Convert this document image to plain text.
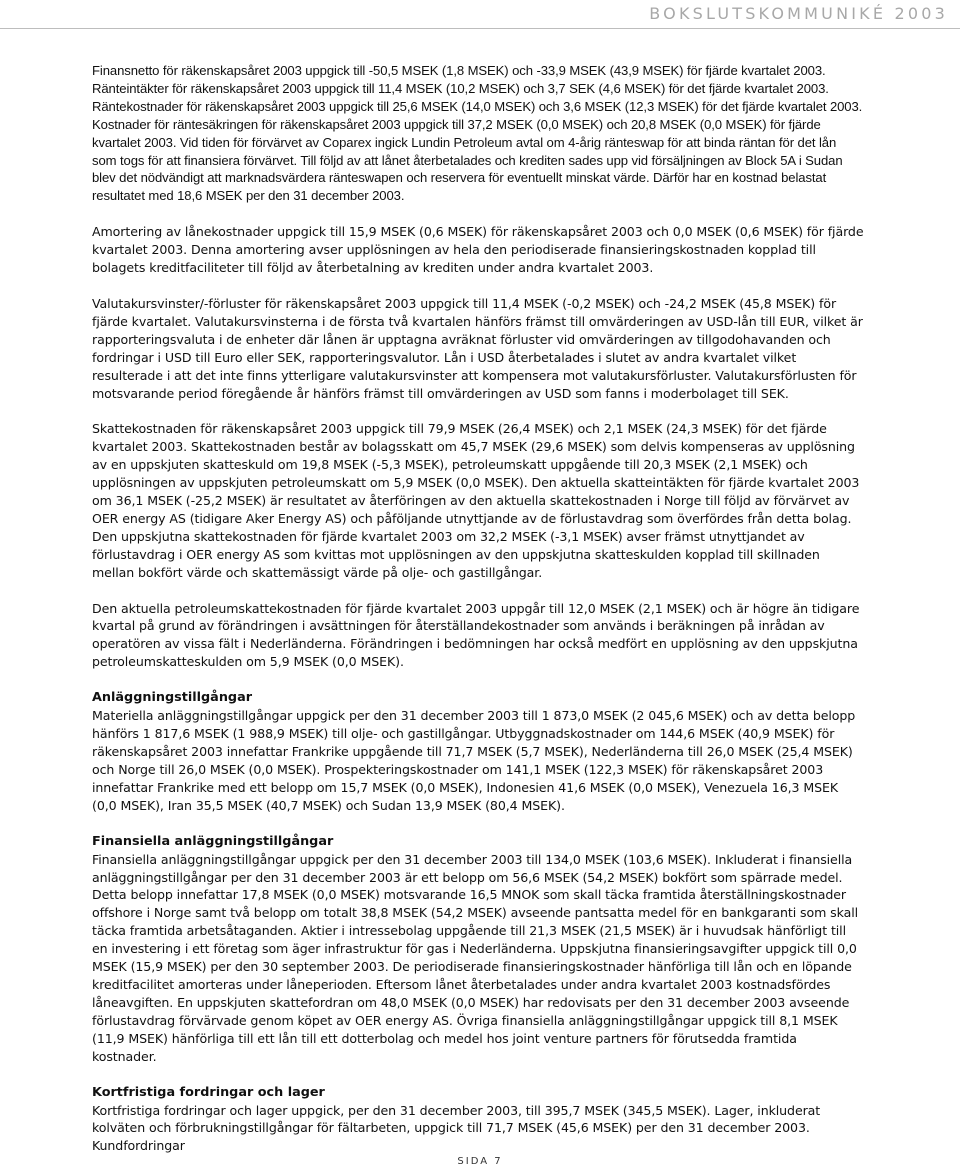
BOKSLUTSKOMMUNIKÉ 2003

Finansnetto för räkenskapsåret 2003 uppgick till -50,5 MSEK (1,8 MSEK) och -33,9 MSEK (43,9 MSEK) för fjärde kvartalet 2003. Ränteintäkter för räkenskapsåret 2003 uppgick till 11,4 MSEK (10,2 MSEK) och 3,7 SEK (4,6 MSEK) för det fjärde kvartalet 2003. Räntekostnader för räkenskapsåret 2003 uppgick till 25,6 MSEK (14,0 MSEK) och 3,6 MSEK (12,3 MSEK) för det fjärde kvartalet 2003. Kostnader för räntesäkringen för räkenskapsåret 2003 uppgick till 37,2 MSEK (0,0 MSEK) och 20,8 MSEK (0,0 MSEK) för fjärde kvartalet 2003. Vid tiden för förvärvet av Coparex ingick Lundin Petroleum avtal om 4-årig ränteswap för att binda räntan för det lån som togs för att finansiera förvärvet. Till följd av att lånet återbetalades och krediten sades upp vid försäljningen av Block 5A i Sudan blev det nödvändigt att marknadsvärdera ränteswapen och reservera för eventuellt minskat värde. Därför har en kostnad belastat resultatet med 18,6 MSEK per den 31 december 2003.

Amortering av lånekostnader uppgick till 15,9 MSEK (0,6 MSEK) för räkenskapsåret 2003 och 0,0 MSEK (0,6 MSEK) för fjärde kvartalet 2003. Denna amortering avser upplösningen av hela den periodiserade finansieringskostnaden kopplad till bolagets kreditfaciliteter till följd av återbetalning av krediten under andra kvartalet 2003.

Valutakursvinster/-förluster för räkenskapsåret 2003 uppgick till 11,4 MSEK (-0,2 MSEK) och -24,2 MSEK (45,8 MSEK) för fjärde kvartalet. Valutakursvinsterna i de första två kvartalen hänförs främst till omvärderingen av USD-lån till EUR, vilket är rapporteringsvaluta i de enheter där lånen är upptagna avräknat förluster vid omvärderingen av tillgodohavanden och fordringar i USD till Euro eller SEK, rapporteringsvalutor. Lån i USD återbetalades i slutet av andra kvartalet vilket resulterade i att det inte finns ytterligare valutakursvinster att kompensera mot valutakursförluster. Valutakursförlusten för motsvarande period föregående år hänförs främst till omvärderingen av USD som fanns i moderbolaget till SEK.

Skattekostnaden för räkenskapsåret 2003 uppgick till 79,9 MSEK (26,4 MSEK) och 2,1 MSEK (24,3 MSEK) för det fjärde kvartalet 2003. Skattekostnaden består av bolagsskatt om 45,7 MSEK (29,6 MSEK) som delvis kompenseras av upplösning av en uppskjuten skatteskuld om 19,8 MSEK (-5,3 MSEK), petroleumskatt uppgående till 20,3 MSEK (2,1 MSEK) och upplösningen av uppskjuten petroleumskatt om 5,9 MSEK (0,0 MSEK). Den aktuella skatteintäkten för fjärde kvartalet 2003 om 36,1 MSEK (-25,2 MSEK) är resultatet av återföringen av den aktuella skattekostnaden i Norge till följd av förvärvet av OER energy AS (tidigare Aker Energy AS) och påföljande utnyttjande av de förlustavdrag som överfördes från detta bolag. Den uppskjutna skattekostnaden för fjärde kvartalet 2003 om 32,2 MSEK (-3,1 MSEK) avser främst utnyttjandet av förlustavdrag i OER energy AS som kvittas mot upplösningen av den uppskjutna skatteskulden kopplad till skillnaden mellan bokfört värde och skattemässigt värde på olje- och gastillgångar.

Den aktuella petroleumskattekostnaden för fjärde kvartalet 2003 uppgår till 12,0 MSEK (2,1 MSEK) och är högre än tidigare kvartal på grund av förändringen i avsättningen för återställandekostnader som används i beräkningen på inrådan av operatören av vissa fält i Nederländerna. Förändringen i bedömningen har också medfört en upplösning av den uppskjutna petroleumskatteskulden om 5,9 MSEK (0,0 MSEK).

Anläggningstillgångar

Materiella anläggningstillgångar uppgick per den 31 december 2003 till 1 873,0 MSEK (2 045,6 MSEK) och av detta belopp hänförs 1 817,6 MSEK (1 988,9 MSEK) till olje- och gastillgångar. Utbyggnadskostnader om 144,6 MSEK (40,9 MSEK) för räkenskapsåret 2003 innefattar Frankrike uppgående till 71,7 MSEK (5,7 MSEK), Nederländerna till 26,0 MSEK (25,4 MSEK) och Norge till 26,0 MSEK (0,0 MSEK). Prospekteringskostnader om 141,1 MSEK (122,3 MSEK) för räkenskapsåret 2003 innefattar Frankrike med ett belopp om 15,7 MSEK (0,0 MSEK), Indonesien 41,6 MSEK (0,0 MSEK), Venezuela 16,3 MSEK (0,0 MSEK), Iran 35,5 MSEK (40,7 MSEK) och Sudan 13,9 MSEK (80,4 MSEK).

Finansiella anläggningstillgångar

Finansiella anläggningstillgångar uppgick per den 31 december 2003 till 134,0 MSEK (103,6 MSEK). Inkluderat i finansiella anläggningstillgångar per den 31 december 2003 är ett belopp om 56,6 MSEK (54,2 MSEK) bokfört som spärrade medel. Detta belopp innefattar 17,8 MSEK (0,0 MSEK) motsvarande 16,5 MNOK som skall täcka framtida återställningskostnader offshore i Norge samt två belopp om totalt 38,8 MSEK (54,2 MSEK) avseende pantsatta medel för en bankgaranti som skall täcka framtida arbetsåtaganden. Aktier i intressebolag uppgående till 21,3 MSEK (21,5 MSEK) är i huvudsak hänförligt till en investering i ett företag som äger infrastruktur för gas i Nederländerna. Uppskjutna finansieringsavgifter uppgick till 0,0 MSEK (15,9 MSEK) per den 30 september 2003. De periodiserade finansieringskostnader hänförliga till lån och en löpande kreditfacilitet amorteras under låneperioden. Eftersom lånet återbetalades under andra kvartalet 2003 kostnadsfördes låneavgiften. En uppskjuten skattefordran om 48,0 MSEK (0,0 MSEK) har redovisats per den 31 december 2003 avseende förlustavdrag förvärvade genom köpet av OER energy AS. Övriga finansiella anläggningstillgångar uppgick till 8,1 MSEK (11,9 MSEK) hänförliga till ett lån till ett dotterbolag och medel hos joint venture partners för förutsedda framtida kostnader.

Kortfristiga fordringar och lager

Kortfristiga fordringar och lager uppgick, per den 31 december 2003, till 395,7 MSEK (345,5 MSEK). Lager, inkluderat kolväten och förbrukningstillgångar för fältarbeten, uppgick till 71,7 MSEK (45,6 MSEK) per den 31 december 2003. Kundfordringar

SIDA 7
